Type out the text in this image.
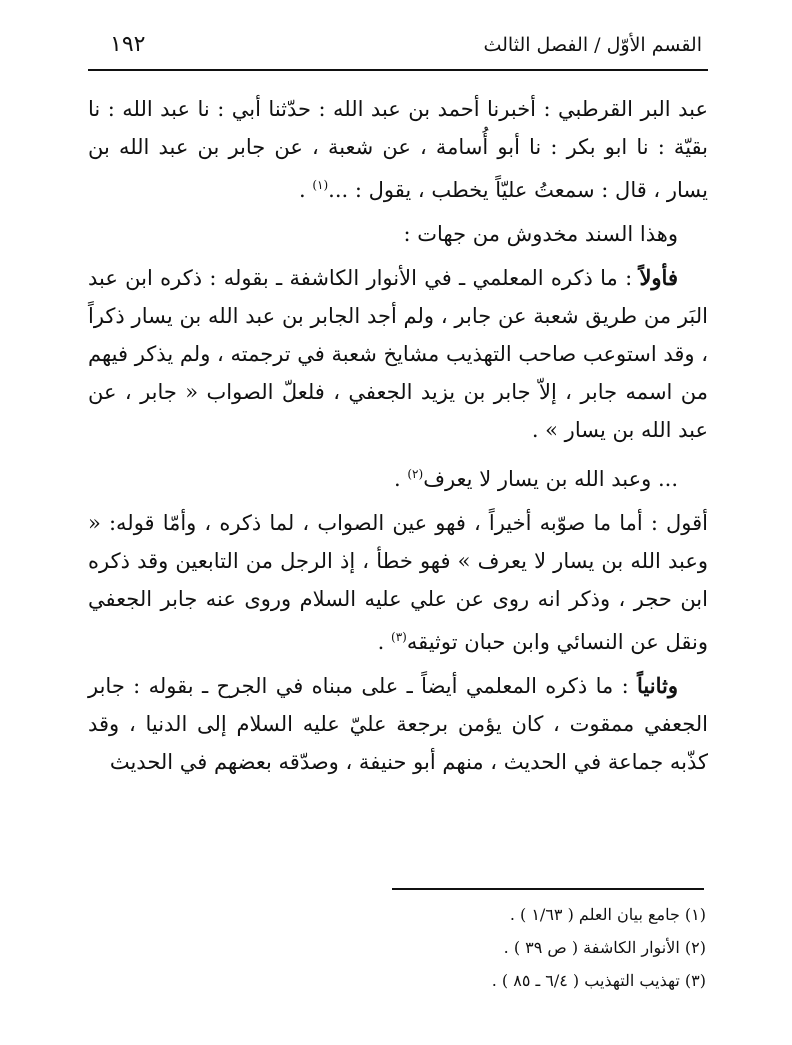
١٩٢	القسم الأوّل / الفصل الثالث

عبد البر القرطبي : أخبرنا أحمد بن عبد الله : حدّثنا أبي : نا عبد الله : نا بقيّة : نا ابو بكر : نا أبو أُسامة ، عن شعبة ، عن جابر بن عبد الله بن يسار ، قال : سمعتُ عليّاً يخطب ، يقول : ...$^{(١)}$ .

وهذا السند مخدوش من جهات :

فأولاً : ما ذكره المعلمي ـ في الأنوار الكاشفة ـ بقوله : ذكره ابن عبد البَر من طريق شعبة عن جابر ، ولم أجد الجابر بن عبد الله بن يسار ذكراً ، وقد استوعب صاحب التهذيب مشايخ شعبة في ترجمته ، ولم يذكر فيهم من اسمه جابر ، إلاّ جابر بن يزيد الجعفي ، فلعلّ الصواب « جابر ، عن عبد الله بن يسار » .

... وعبد الله بن يسار لا يعرف$^{(٢)}$ .

أقول : أما ما صوّبه أخيراً ، فهو عين الصواب ، لما ذكره ، وأمّا قوله: « وعبد الله بن يسار لا يعرف » فهو خطأ ، إذ الرجل من التابعين وقد ذكره ابن حجر ، وذكر انه روى عن علي عليه السلام وروى عنه جابر الجعفي ونقل عن النسائي وابن حبان توثيقه$^{(٣)}$ .

وثانياً : ما ذكره المعلمي أيضاً ـ على مبناه في الجرح ـ بقوله : جابر الجعفي ممقوت ، كان يؤمن برجعة عليّ عليه السلام إلى الدنيا ، وقد كذّبه جماعة في الحديث ، منهم أبو حنيفة ، وصدّقه بعضهم في الحديث

(١) جامع بيان العلم ( ١/٦٣ ) .
(٢) الأنوار الكاشفة ( ص ٣٩ ) .
(٣) تهذيب التهذيب ( ٦/٤ ـ ٨٥ ) .
